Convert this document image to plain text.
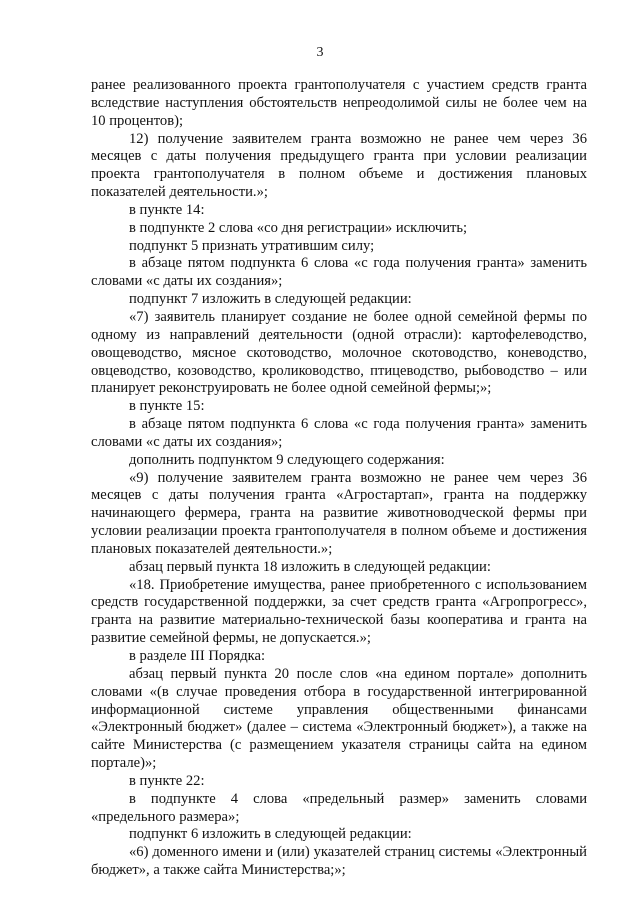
3

ранее реализованного проекта грантополучателя с участием средств гранта вследствие наступления обстоятельств непреодолимой силы не более чем на 10 процентов);

12) получение заявителем гранта возможно не ранее чем через 36 месяцев с даты получения предыдущего гранта при условии реализации проекта грантополучателя в полном объеме и достижения плановых показателей деятельности.»;

в пункте 14:

в подпункте 2 слова «со дня регистрации» исключить;

подпункт 5 признать утратившим силу;

в абзаце пятом подпункта 6 слова «с года получения гранта» заменить словами «с даты их создания»;

подпункт 7 изложить в следующей редакции:

«7) заявитель планирует создание не более одной семейной фермы по одному из направлений деятельности (одной отрасли): картофелеводство, овощеводство, мясное скотоводство, молочное скотоводство, коневодство, овцеводство, козоводство, кролиководство, птицеводство, рыбоводство – или планирует реконструировать не более одной семейной фермы;»;

в пункте 15:

в абзаце пятом подпункта 6 слова «с года получения гранта» заменить словами «с даты их создания»;

дополнить подпунктом 9 следующего содержания:

«9) получение заявителем гранта возможно не ранее чем через 36 месяцев с даты получения гранта «Агростартап», гранта на поддержку начинающего фермера, гранта на развитие животноводческой фермы при условии реализации проекта грантополучателя в полном объеме и достижения плановых показателей деятельности.»;

абзац первый пункта 18 изложить в следующей редакции:

«18. Приобретение имущества, ранее приобретенного с использованием средств государственной поддержки, за счет средств гранта «Агропрогресс», гранта на развитие материально-технической базы кооператива и гранта на развитие семейной фермы, не допускается.»;

в разделе III Порядка:

абзац первый пункта 20 после слов «на едином портале» дополнить словами «(в случае проведения отбора в государственной интегрированной информационной системе управления общественными финансами «Электронный бюджет» (далее – система «Электронный бюджет»), а также на сайте Министерства (с размещением указателя страницы сайта на едином портале)»;

в пункте 22:

в подпункте 4 слова «предельный размер» заменить словами «предельного размера»;

подпункт 6 изложить в следующей редакции:

«6) доменного имени и (или) указателей страниц системы «Электронный бюджет», а также сайта Министерства;»;
